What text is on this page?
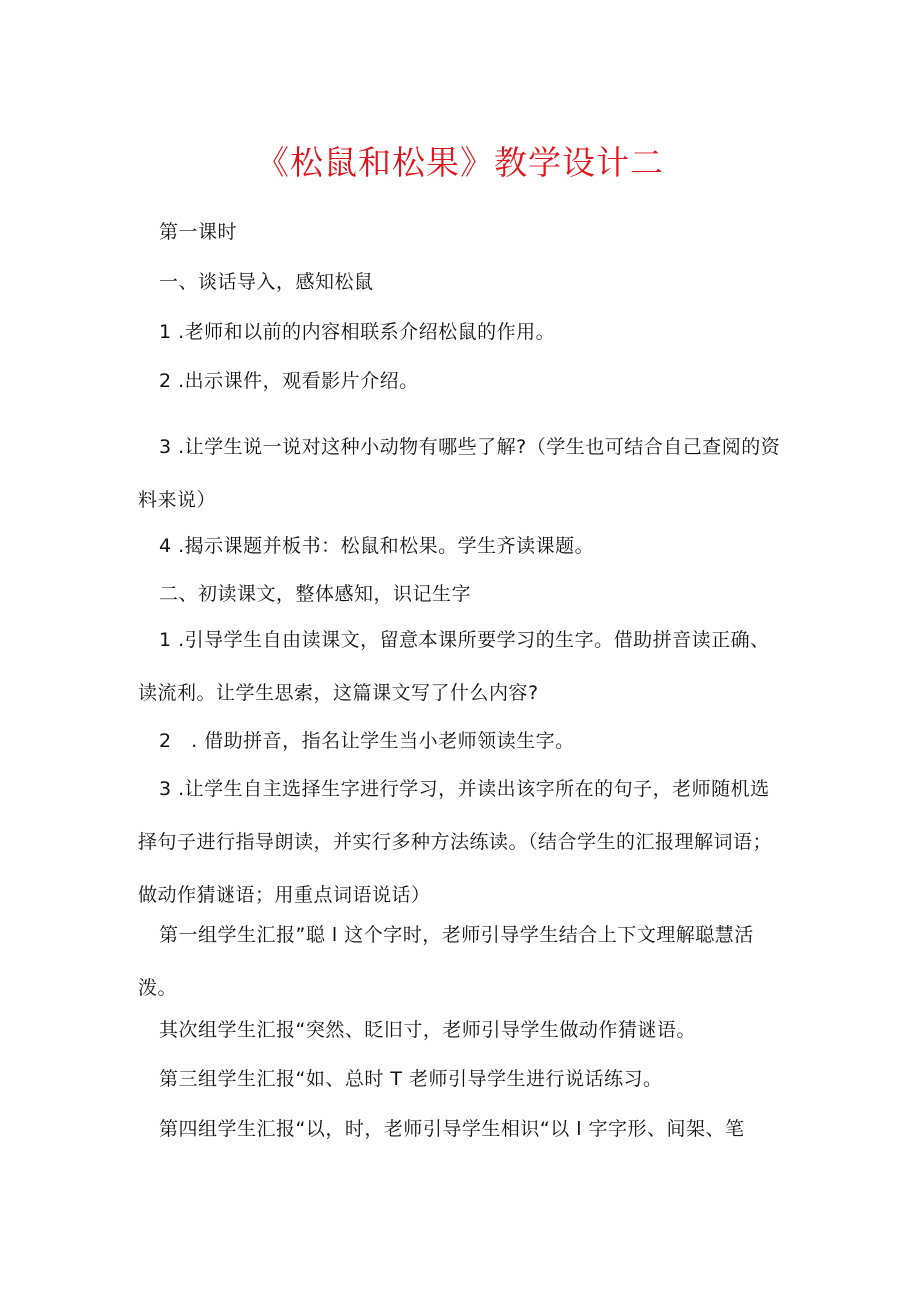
《松鼠和松果》教学设计二

第一课时

一、谈话导入，感知松鼠

1 .老师和以前的内容相联系介绍松鼠的作用。

2 .出示课件，观看影片介绍。

3 .让学生说一说对这种小动物有哪些了解?（学生也可结合自己查阅的资料来说）

4 .揭示课题并板书：松鼠和松果。学生齐读课题。

二、初读课文，整体感知，识记生字

1 .引导学生自由读课文，留意本课所要学习的生字。借助拼音读正确、读流利。让学生思索，这篇课文写了什么内容?

2　. 借助拼音，指名让学生当小老师领读生字。

3 .让学生自主选择生字进行学习，并读出该字所在的句子，老师随机选择句子进行指导朗读，并实行多种方法练读。（结合学生的汇报理解词语；做动作猜谜语；用重点词语说话）

第一组学生汇报”聪 l 这个字时，老师引导学生结合上下文理解聪慧活泼。

其次组学生汇报“突然、眨旧寸，老师引导学生做动作猜谜语。

第三组学生汇报“如、总时 T 老师引导学生进行说话练习。

第四组学生汇报“以，时，老师引导学生相识“以 l 字字形、间架、笔
